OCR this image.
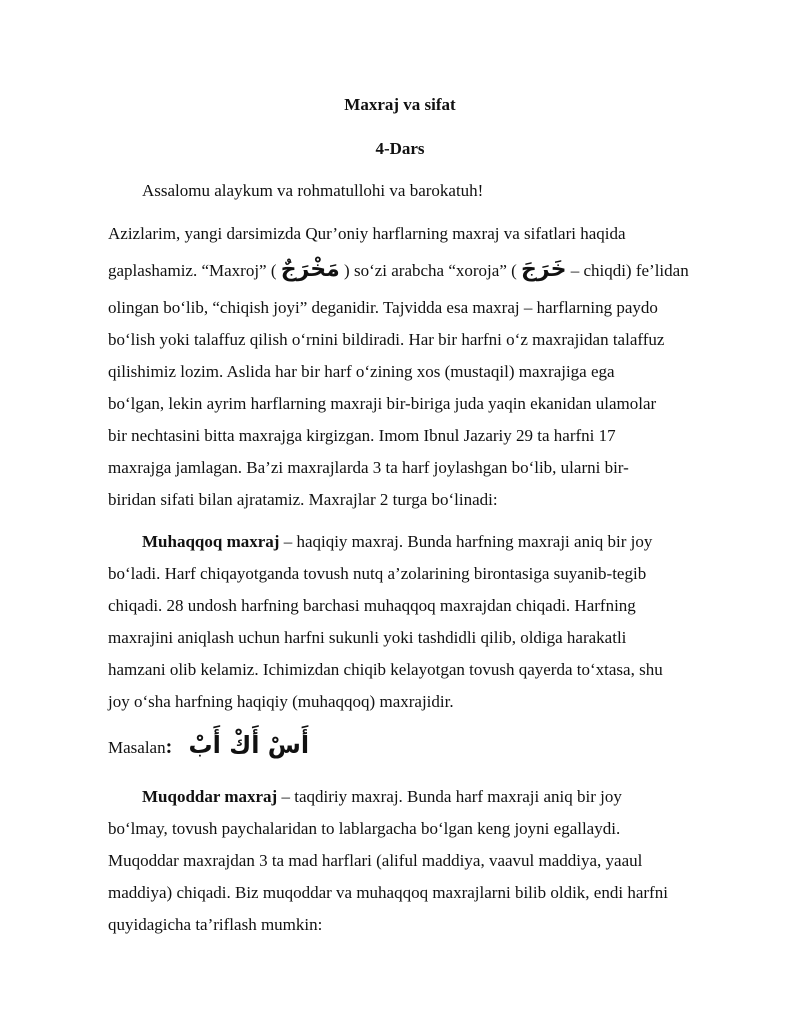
Maxraj va sifat
4-Dars
Assalomu alaykum va rohmatullohi va barokatuh!
Azizlarim, yangi darsimizda Qur’oniy harflarning maxraj va sifatlari haqida
gaplashamiz. “Maxroj” ( مَخْرَجٌ ) so‘zi arabcha “xoroja” ( خَرَجَ – chiqdi) fe’lidan
olingan bo‘lib, “chiqish joyi” deganidir. Tajvidda esa maxraj – harflarning paydo
bo‘lish yoki talaffuz qilish o‘rnini bildiradi. Har bir harfni o‘z maxrajidan talaffuz
qilishimiz lozim. Aslida har bir harf o‘zining xos (mustaqil) maxrajiga ega
bo‘lgan, lekin ayrim harflarning maxraji bir-biriga juda yaqin ekanidan ulamolar
bir nechtasini bitta maxrajga kirgizgan. Imom Ibnul Jazariy 29 ta harfni 17
maxrajga jamlagan. Ba’zi maxrajlarda 3 ta harf joylashgan bo‘lib, ularni bir-
biridan sifati bilan ajratamiz. Maxrajlar 2 turga bo‘linadi:
Muhaqqoq maxraj – haqiqiy maxraj. Bunda harfning maxraji aniq bir joy
bo‘ladi. Harf chiqayotganda tovush nutq a’zolarining birontasiga suyanib-tegib
chiqadi. 28 undosh harfning barchasi muhaqqoq maxrajdan chiqadi. Harfning
maxrajini aniqlash uchun harfni sukunli yoki tashdidli qilib, oldiga harakatli
hamzani olib kelamiz. Ichimizdan chiqib kelayotgan tovush qayerda to‘xtasa, shu
joy o‘sha harfning haqiqiy (muhaqqoq) maxrajidir.
Masalan: أَسْ أَكْ أَبْ
Muqoddar maxraj – taqdiriy maxraj. Bunda harf maxraji aniq bir joy
bo‘lmay, tovush paychalaridan to lablargacha bo‘lgan keng joyni egallaydi.
Muqoddar maxrajdan 3 ta mad harflari (aliful maddiya, vaavul maddiya, yaaul
maddiya) chiqadi. Biz muqoddar va muhaqqoq maxrajlarni bilib oldik, endi harfni
quyidagicha ta’riflash mumkin:
